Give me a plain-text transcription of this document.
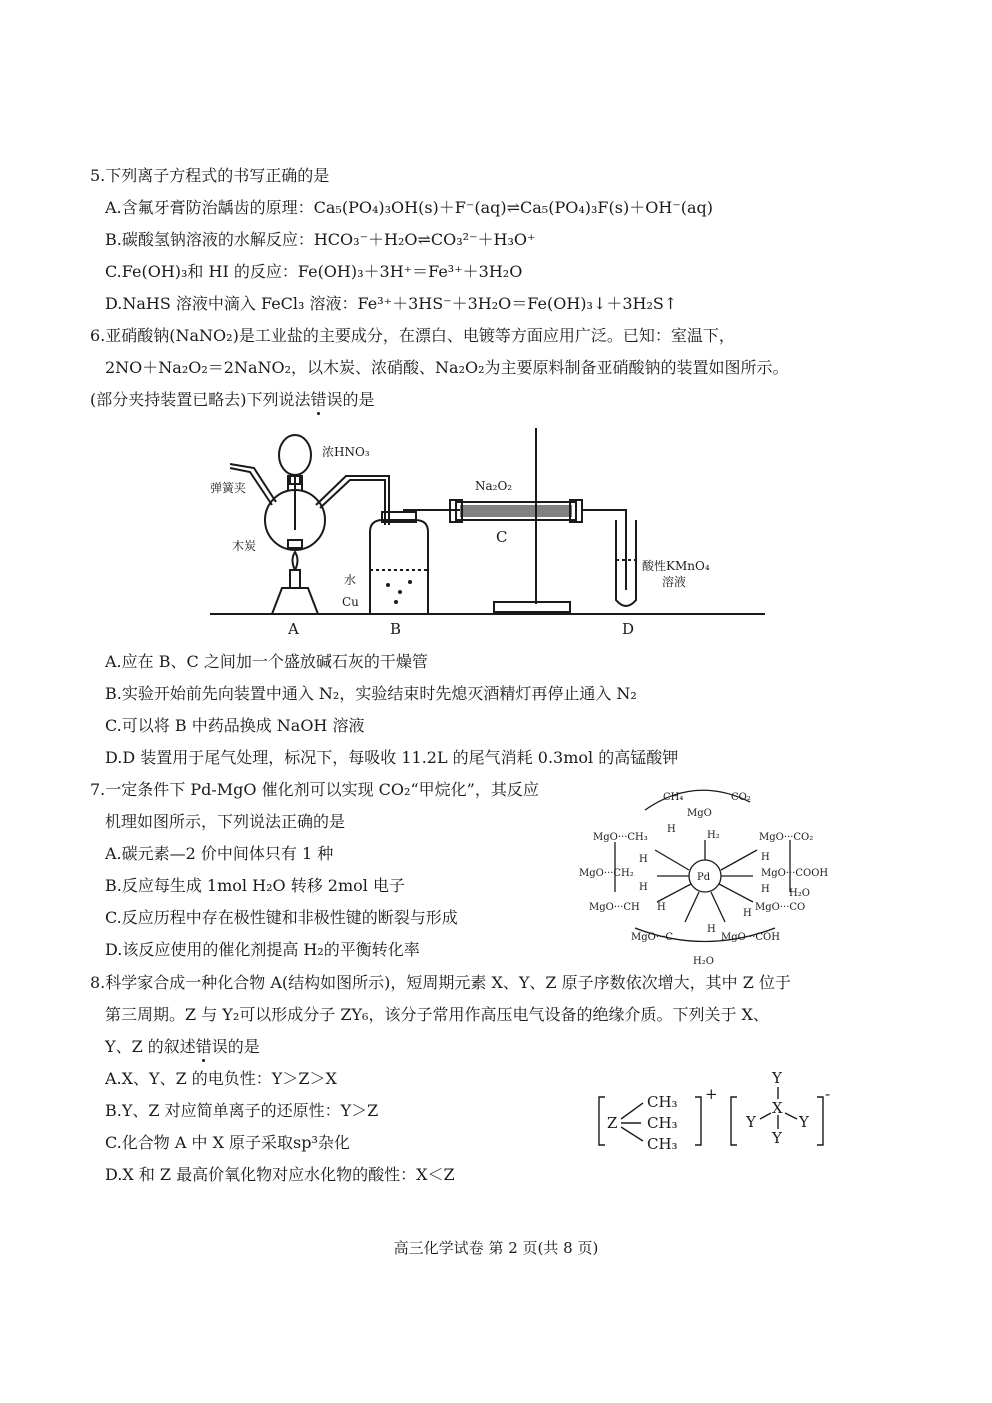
5.下列离子方程式的书写正确的是
A.含氟牙膏防治龋齿的原理：Ca₅(PO₄)₃OH(s)＋F⁻(aq)⇌Ca₅(PO₄)₃F(s)＋OH⁻(aq)
B.碳酸氢钠溶液的水解反应：HCO₃⁻＋H₂O⇌CO₃²⁻＋H₃O⁺
C.Fe(OH)₃和 HI 的反应：Fe(OH)₃＋3H⁺＝Fe³⁺＋3H₂O
D.NaHS 溶液中滴入 FeCl₃ 溶液：Fe³⁺＋3HS⁻＋3H₂O＝Fe(OH)₃↓＋3H₂S↑
6.亚硝酸钠(NaNO₂)是工业盐的主要成分，在漂白、电镀等方面应用广泛。已知：室温下，
2NO＋Na₂O₂＝2NaNO₂，以木炭、浓硝酸、Na₂O₂为主要原料制备亚硝酸钠的装置如图所示。
(部分夹持装置已略去)下列说法错误的是
浓HNO₃
弹簧夹
木炭
水
Cu
Na₂O₂
酸性KMnO₄
溶液
A	B
C
D
A.应在 B、C 之间加一个盛放碱石灰的干燥管
B.实验开始前先向装置中通入 N₂，实验结束时先熄灭酒精灯再停止通入 N₂
C.可以将 B 中药品换成 NaOH 溶液
D.D 装置用于尾气处理，标况下，每吸收 11.2L 的尾气消耗 0.3mol 的高锰酸钾
7.一定条件下 Pd-MgO 催化剂可以实现 CO₂“甲烷化”，其反应
机理如图所示，下列说法正确的是
A.碳元素—2 价中间体只有 1 种
B.反应每生成 1mol H₂O 转移 2mol 电子
C.反应历程中存在极性键和非极性键的断裂与形成
D.该反应使用的催化剂提高 H₂的平衡转化率
CH₄
MgO
CO₂
MgO···CH₃
H
H₂	MgO···CO₂
H	H
MgO···CH₂	Pd	MgO···COOH
H	H H₂O
MgO···CH H
H
MgO···CO
MgO···C
H
MgO···COH
H₂O
8.科学家合成一种化合物 A(结构如图所示)，短周期元素 X、Y、Z 原子序数依次增大，其中 Z 位于
第三周期。Z 与 Y₂可以形成分子 ZY₆，该分子常用作高压电气设备的绝缘介质。下列关于 X、
Y、Z 的叙述错误的是
A.X、Y、Z 的电负性：Y＞Z＞X
B.Y、Z 对应简单离子的还原性：Y＞Z
C.化合物 A 中 X 原子采取sp³杂化
D.X 和 Z 最高价氧化物对应水化物的酸性：X＜Z
Z
CH₃
CH₃
CH₃
+	-
Y
X
Y	Y
Y
高三化学试卷 第 2 页(共 8 页)
